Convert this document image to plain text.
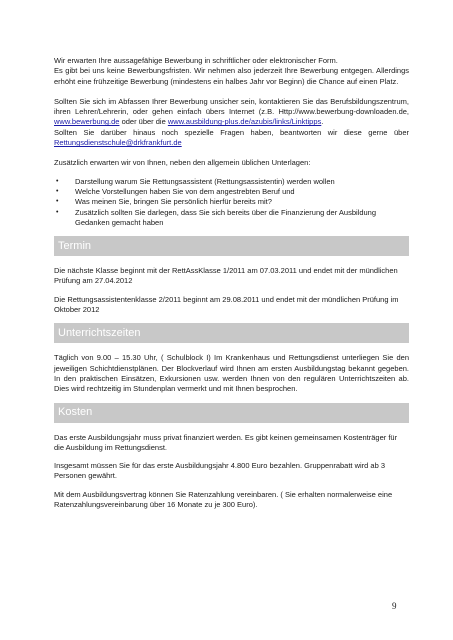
Wir erwarten Ihre aussagefähige Bewerbung in schriftlicher oder elektronischer Form.

Es gibt bei uns keine Bewerbungsfristen. Wir nehmen also jederzeit Ihre Bewerbung entgegen. Allerdings erhöht eine frühzeitige Bewerbung (mindestens ein halbes Jahr vor Beginn) die Chance auf einen Platz.

Sollten Sie sich im Abfassen Ihrer Bewerbung unsicher sein, kontaktieren Sie das Berufsbildungszentrum, ihren Lehrer/Lehrerin, oder gehen einfach übers Internet (z.B. Http://www.bewerbung-downloaden.de, www.bewerbung.de oder über die www.ausbildung-plus.de/azubis/links/Linktipps.

Sollten Sie darüber hinaus noch spezielle Fragen haben, beantworten wir diese gerne über Rettungsdienstschule@drkfrankfurt.de

Zusätzlich erwarten wir von Ihnen, neben den allgemein üblichen Unterlagen:

• Darstellung warum Sie Rettungsassistent (Rettungsassistentin) werden wollen
• Welche Vorstellungen haben Sie von dem angestrebten Beruf und
• Was meinen Sie, bringen Sie persönlich hierfür bereits mit?
• Zusätzlich sollten Sie darlegen, dass Sie sich bereits über die Finanzierung der Ausbildung Gedanken gemacht haben
Termin

Die nächste Klasse beginnt mit der RettAssKlasse 1/2011 am 07.03.2011 und endet mit der mündlichen Prüfung am 27.04.2012

Die Rettungsassistentenklasse 2/2011 beginnt am 29.08.2011 und endet mit der mündlichen Prüfung im Oktober 2012

Unterrichtszeiten

Täglich von 9.00 – 15.30 Uhr, ( Schulblock I) Im Krankenhaus und Rettungsdienst unterliegen Sie den jeweiligen Schichtdienstplänen. Der Blockverlauf wird Ihnen am ersten Ausbildungstag bekannt gegeben. In den praktischen Einsätzen, Exkursionen usw. werden Ihnen von den regulären Unterrichtszeiten ab. Dies wird rechtzeitig im Stundenplan vermerkt und mit Ihnen besprochen.

Kosten

Das erste Ausbildungsjahr muss privat finanziert werden. Es gibt keinen gemeinsamen Kostenträger für die Ausbildung im Rettungsdienst.

Insgesamt müssen Sie für das erste Ausbildungsjahr 4.800 Euro bezahlen. Gruppenrabatt wird ab 3 Personen gewährt.

Mit dem Ausbildungsvertrag können Sie Ratenzahlung vereinbaren. ( Sie erhalten normalerweise eine Ratenzahlungsvereinbarung über 16 Monate zu je 300 Euro).

9
